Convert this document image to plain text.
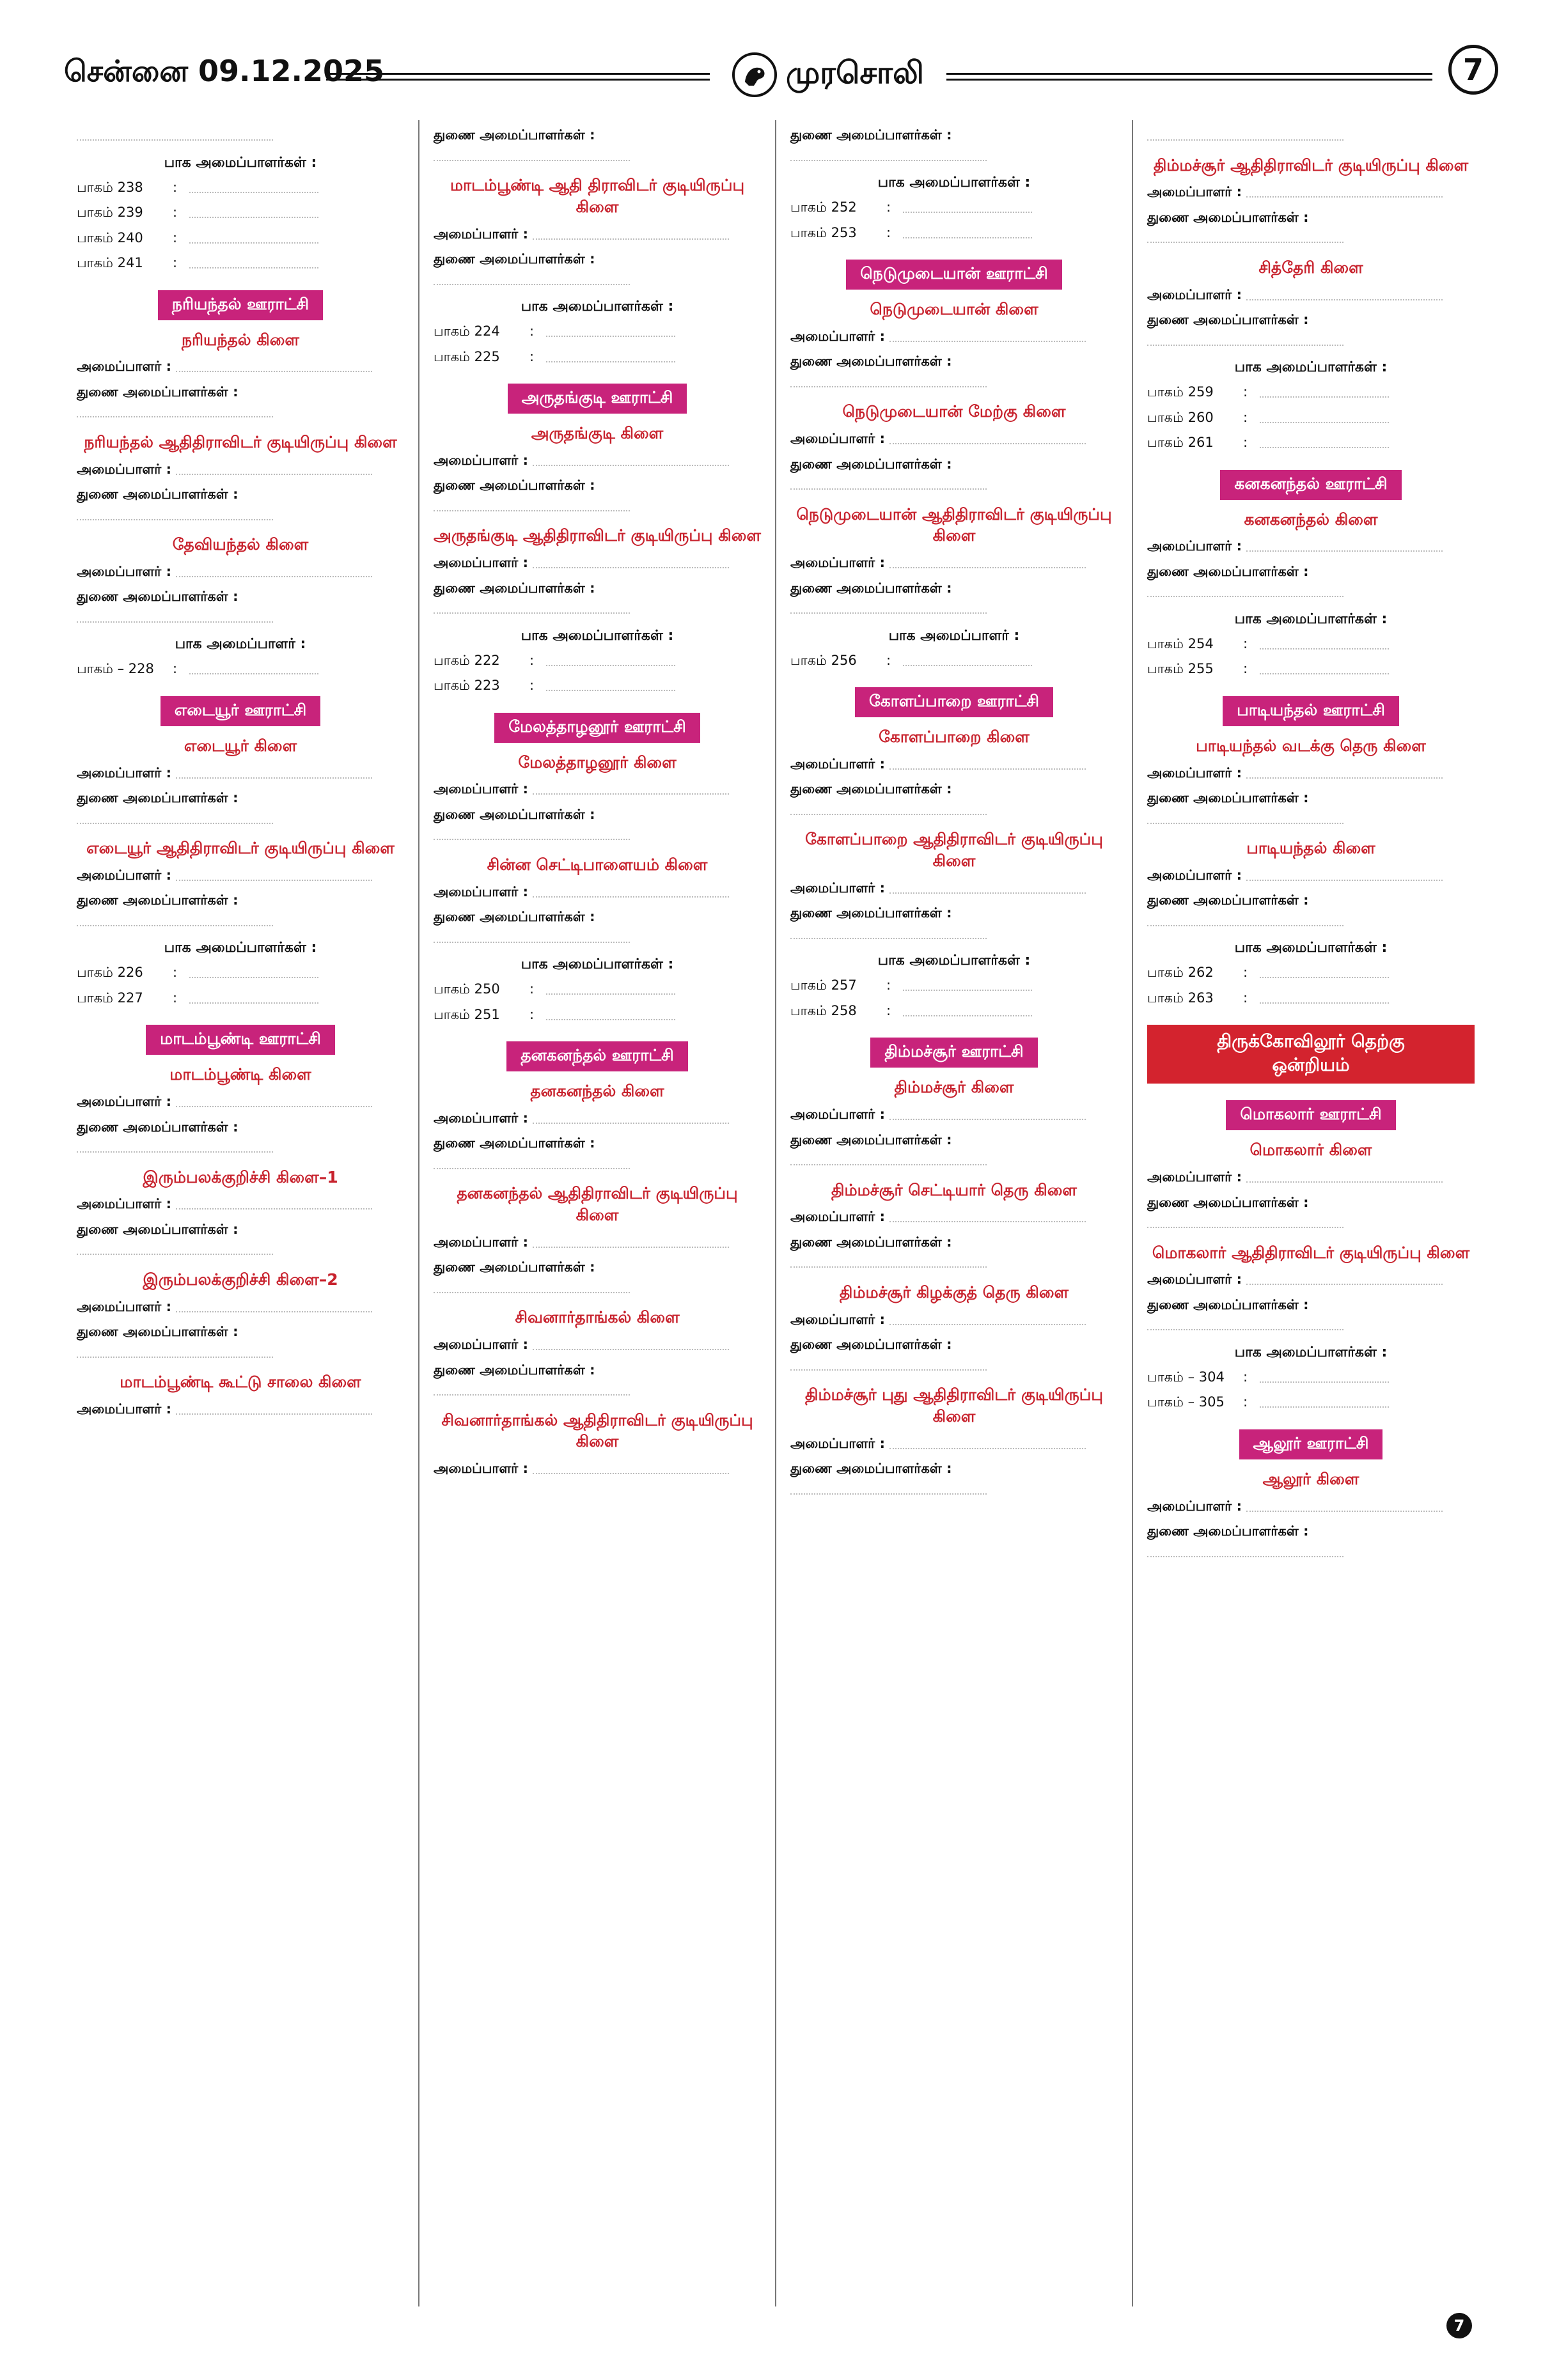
சென்னை 09.12.2025	முரசொலி	7
பாக அமைப்பாளர்கள் :
பாகம் 238	:
பாகம் 239	:
பாகம் 240	:
பாகம் 241	:
நரியந்தல் ஊராட்சி
நரியந்தல் கிளை
அமைப்பாளர் :
துணை அமைப்பாளர்கள் :
நரியந்தல் ஆதிதிராவிடர் குடியிருப்பு கிளை
அமைப்பாளர் :
துணை அமைப்பாளர்கள் :
தேவியந்தல் கிளை
அமைப்பாளர் :
துணை அமைப்பாளர்கள் :
பாக அமைப்பாளர் :
பாகம் – 228	:
எடையூர் ஊராட்சி
எடையூர் கிளை
அமைப்பாளர் :
துணை அமைப்பாளர்கள் :
எடையூர் ஆதிதிராவிடர் குடியிருப்பு கிளை
அமைப்பாளர் :
துணை அமைப்பாளர்கள் :
பாக அமைப்பாளர்கள் :
பாகம் 226	:
பாகம் 227	:
மாடம்பூண்டி ஊராட்சி
மாடம்பூண்டி கிளை
அமைப்பாளர் :
துணை அமைப்பாளர்கள் :
இரும்பலக்குறிச்சி கிளை–1
அமைப்பாளர் :
துணை அமைப்பாளர்கள் :
இரும்பலக்குறிச்சி கிளை–2
அமைப்பாளர் :
துணை அமைப்பாளர்கள் :
மாடம்பூண்டி கூட்டு சாலை கிளை
அமைப்பாளர் :
துணை அமைப்பாளர்கள் :
மாடம்பூண்டி ஆதி திராவிடர் குடியிருப்பு கிளை
அமைப்பாளர் :
துணை அமைப்பாளர்கள் :
பாக அமைப்பாளர்கள் :
பாகம் 224	:
பாகம் 225	:
அருதங்குடி ஊராட்சி
அருதங்குடி கிளை
அமைப்பாளர் :
துணை அமைப்பாளர்கள் :
அருதங்குடி ஆதிதிராவிடர் குடியிருப்பு கிளை
அமைப்பாளர் :
துணை அமைப்பாளர்கள் :
பாக அமைப்பாளர்கள் :
பாகம் 222	:
பாகம் 223	:
மேலத்தாழனூர் ஊராட்சி
மேலத்தாழனூர் கிளை
அமைப்பாளர் :
துணை அமைப்பாளர்கள் :
சின்ன செட்டிபாளையம் கிளை
அமைப்பாளர் :
துணை அமைப்பாளர்கள் :
பாக அமைப்பாளர்கள் :
பாகம் 250	:
பாகம் 251	:
தனகனந்தல் ஊராட்சி
தனகனந்தல் கிளை
அமைப்பாளர் :
துணை அமைப்பாளர்கள் :
தனகனந்தல் ஆதிதிராவிடர் குடியிருப்பு கிளை
அமைப்பாளர் :
துணை அமைப்பாளர்கள் :
சிவனார்தாங்கல் கிளை
அமைப்பாளர் :
துணை அமைப்பாளர்கள் :
சிவனார்தாங்கல் ஆதிதிராவிடர் குடியிருப்பு கிளை
அமைப்பாளர் :
துணை அமைப்பாளர்கள் :
பாக அமைப்பாளர்கள் :
பாகம் 252	:
பாகம் 253	:
நெடுமுடையான் ஊராட்சி
நெடுமுடையான் கிளை
அமைப்பாளர் :
துணை அமைப்பாளர்கள் :
நெடுமுடையான் மேற்கு கிளை
அமைப்பாளர் :
துணை அமைப்பாளர்கள் :
நெடுமுடையான் ஆதிதிராவிடர் குடியிருப்பு கிளை
அமைப்பாளர் :
துணை அமைப்பாளர்கள் :
பாக அமைப்பாளர் :
பாகம் 256	:
கோளப்பாறை ஊராட்சி
கோளப்பாறை கிளை
அமைப்பாளர் :
துணை அமைப்பாளர்கள் :
கோளப்பாறை ஆதிதிராவிடர் குடியிருப்பு கிளை
அமைப்பாளர் :
துணை அமைப்பாளர்கள் :
பாக அமைப்பாளர்கள் :
பாகம் 257	:
பாகம் 258	:
திம்மச்சூர் ஊராட்சி
திம்மச்சூர் கிளை
அமைப்பாளர் :
துணை அமைப்பாளர்கள் :
திம்மச்சூர் செட்டியார் தெரு கிளை
அமைப்பாளர் :
துணை அமைப்பாளர்கள் :
திம்மச்சூர் கிழக்குத் தெரு கிளை
அமைப்பாளர் :
துணை அமைப்பாளர்கள் :
திம்மச்சூர் புது ஆதிதிராவிடர் குடியிருப்பு கிளை
அமைப்பாளர் :
துணை அமைப்பாளர்கள் :
திம்மச்சூர் ஆதிதிராவிடர் குடியிருப்பு கிளை
அமைப்பாளர் :
துணை அமைப்பாளர்கள் :
சித்தேரி கிளை
அமைப்பாளர் :
துணை அமைப்பாளர்கள் :
பாக அமைப்பாளர்கள் :
பாகம் 259	:
பாகம் 260	:
பாகம் 261	:
கனகனந்தல் ஊராட்சி
கனகனந்தல் கிளை
அமைப்பாளர் :
துணை அமைப்பாளர்கள் :
பாக அமைப்பாளர்கள் :
பாகம் 254	:
பாகம் 255	:
பாடியந்தல் ஊராட்சி
பாடியந்தல் வடக்கு தெரு கிளை
அமைப்பாளர் :
துணை அமைப்பாளர்கள் :
பாடியந்தல் கிளை
அமைப்பாளர் :
துணை அமைப்பாளர்கள் :
பாக அமைப்பாளர்கள் :
பாகம் 262	:
பாகம் 263	:
திருக்கோவிலூர் தெற்கு ஒன்றியம்
மொகலார் ஊராட்சி
மொகலார் கிளை
அமைப்பாளர் :
துணை அமைப்பாளர்கள் :
மொகலார் ஆதிதிராவிடர் குடியிருப்பு கிளை
அமைப்பாளர் :
துணை அமைப்பாளர்கள் :
பாக அமைப்பாளர்கள் :
பாகம் – 304	:
பாகம் – 305	:
ஆலூர் ஊராட்சி
ஆலூர் கிளை
அமைப்பாளர் :
துணை அமைப்பாளர்கள் :
7
